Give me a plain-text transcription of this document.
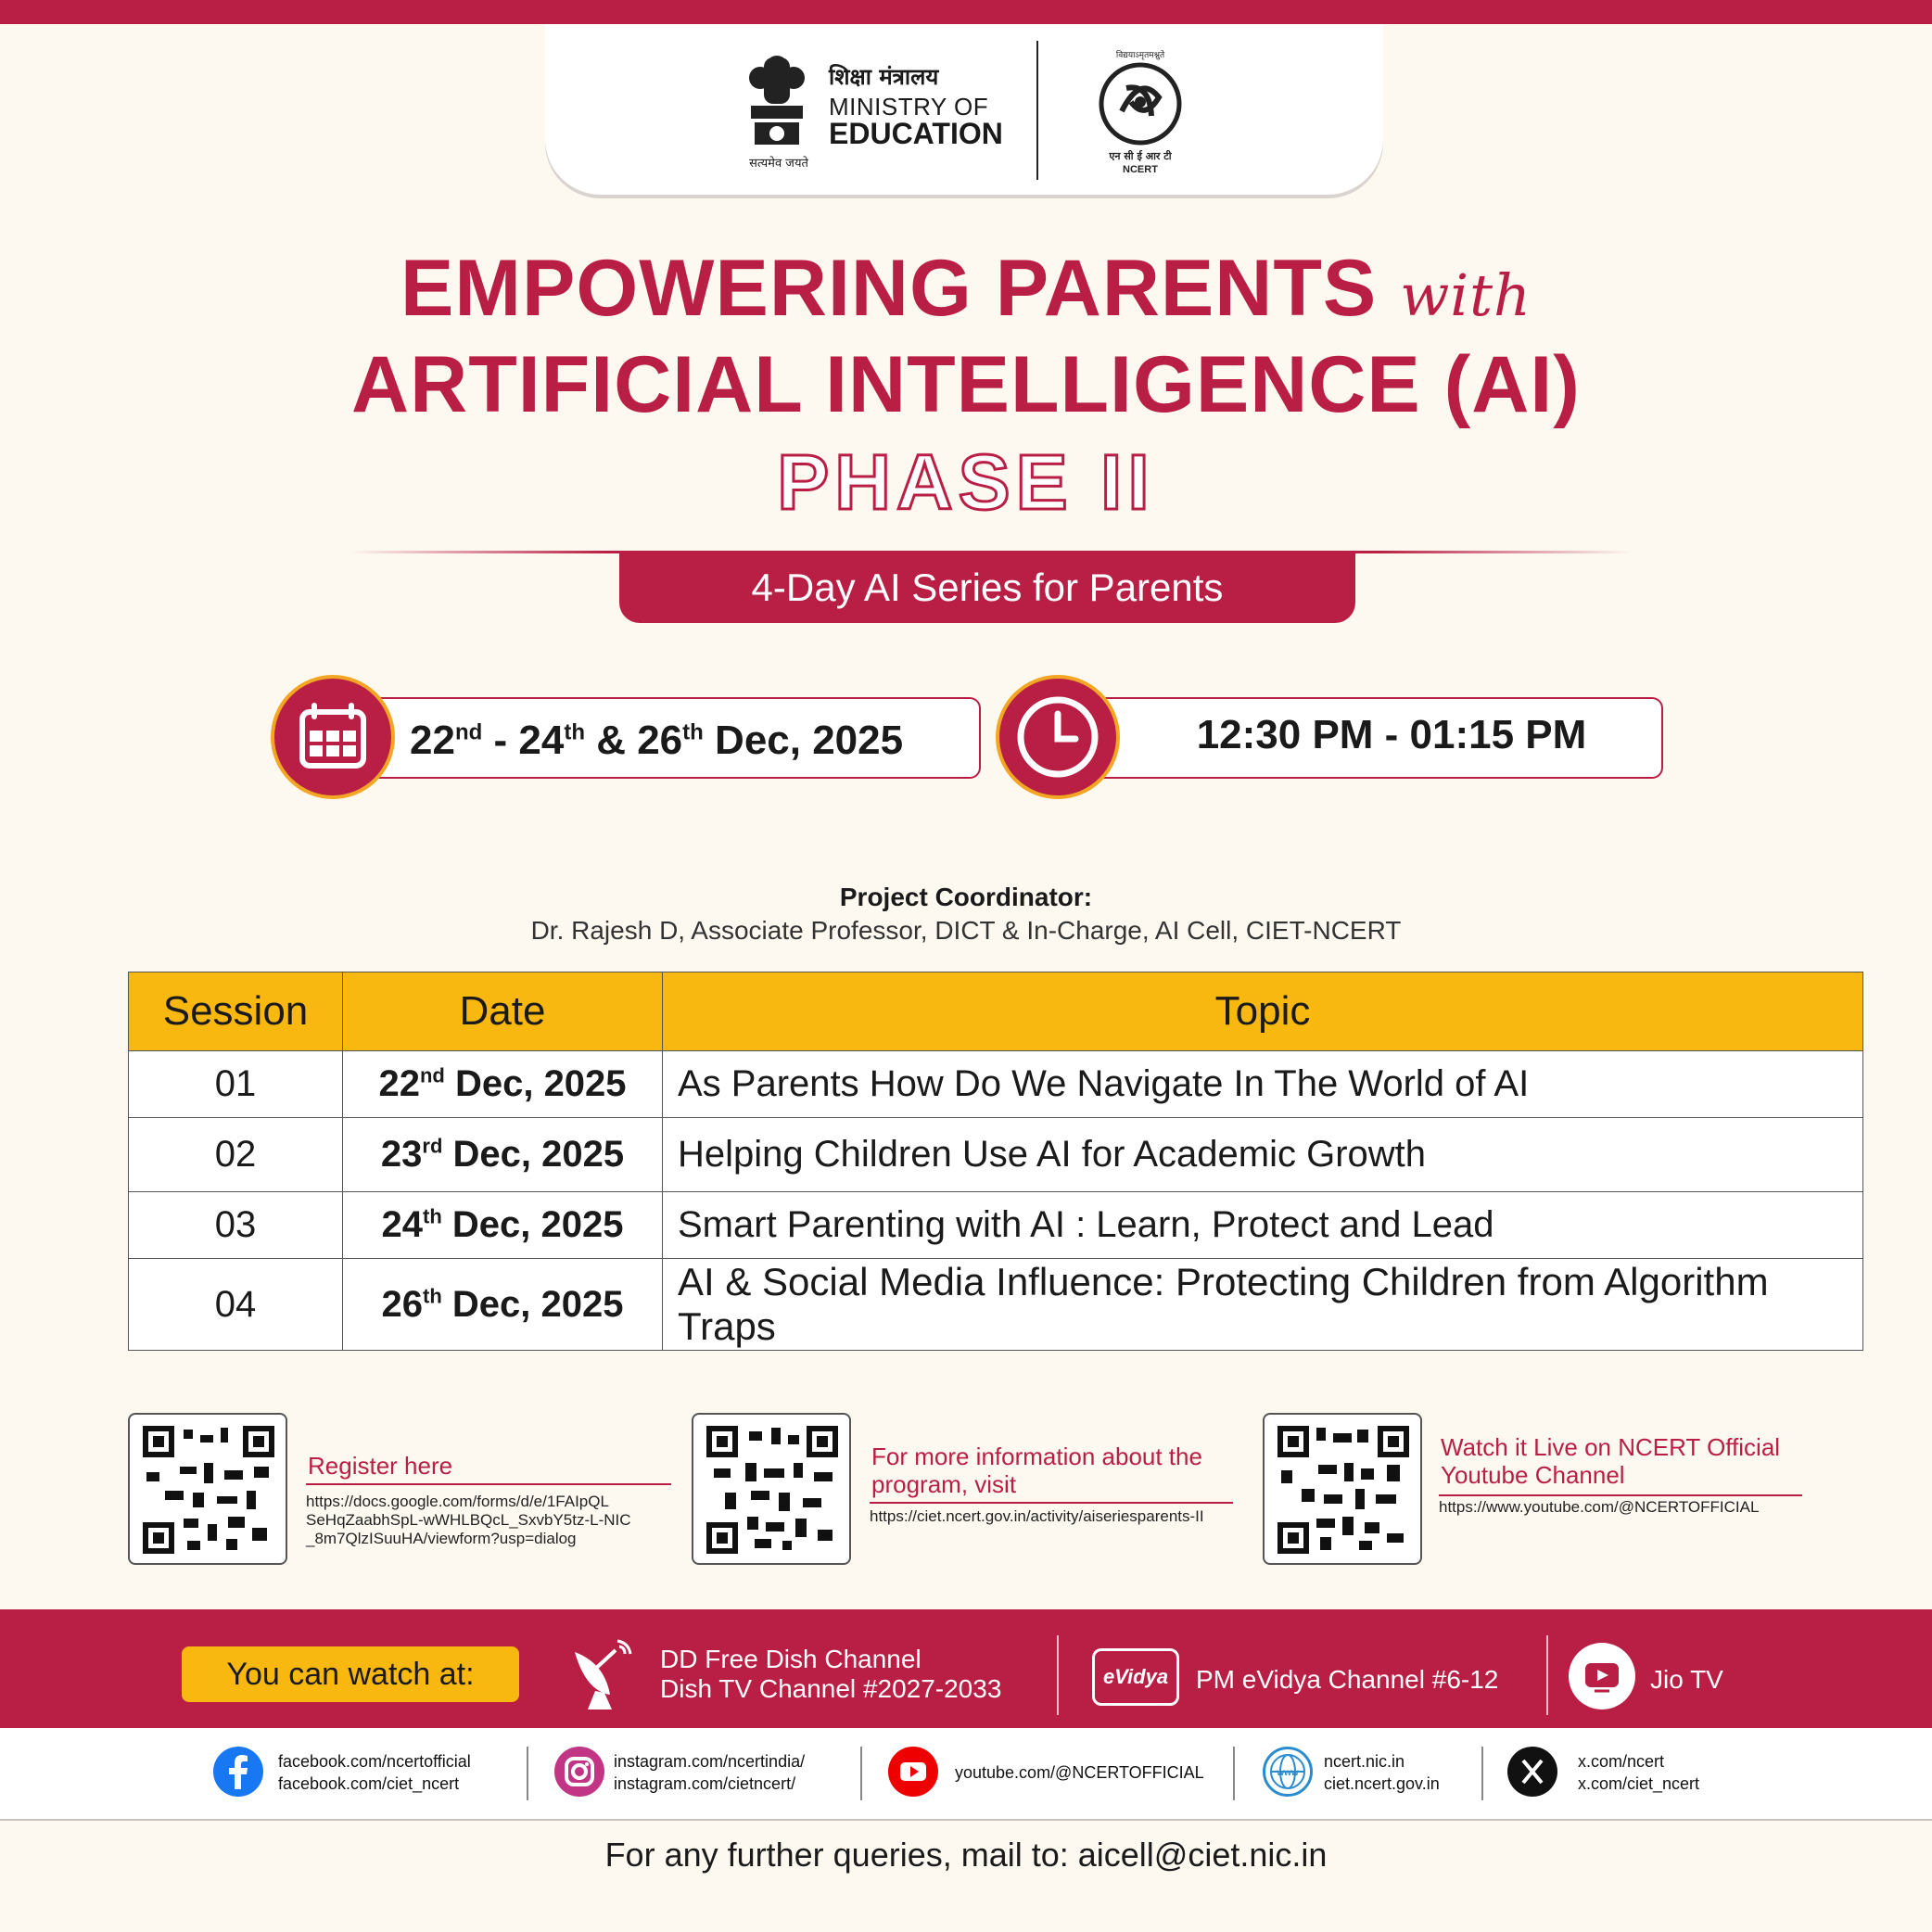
सत्यमेव जयते
शिक्षा मंत्रालय
MINISTRY OF
EDUCATION
विद्ययाऽमृतमश्नुते
एन सी ई आर टी
NCERT
EMPOWERING PARENTS with
ARTIFICIAL INTELLIGENCE (AI)
PHASE II
4-Day AI Series for Parents
22nd - 24th & 26th Dec, 2025	12:30 PM - 01:15 PM
Project Coordinator:
Dr. Rajesh D, Associate Professor, DICT & In-Charge, AI Cell, CIET-NCERT
Session	Date	Topic
01	22nd Dec, 2025	As Parents How Do We Navigate In The World of AI
02	23rd Dec, 2025	Helping Children Use AI for Academic Growth
03	24th Dec, 2025	Smart Parenting with AI : Learn, Protect and Lead
04	26th Dec, 2025	AI & Social Media Influence: Protecting Children from Algorithm Traps
Register here
https://docs.google.com/forms/d/e/1FAIpQL
SeHqZaabhSpL-wWHLBQcL_SxvbY5tz-L-NIC
_8m7QlzISuuHA/viewform?usp=dialog
For more information about the
program, visit
https://ciet.ncert.gov.in/activity/aiseriesparents-II
Watch it Live on NCERT Official
Youtube Channel
https://www.youtube.com/@NCERTOFFICIAL
You can watch at:	DD Free Dish Channel
Dish TV Channel #2027-2033	eVidya	PM eVidya Channel #6-12	Jio TV
facebook.com/ncertofficial
facebook.com/ciet_ncert
instagram.com/ncertindia/
instagram.com/cietncert/
youtube.com/@NCERTOFFICIAL	www
ncert.nic.in
ciet.ncert.gov.in
x.com/ncert
x.com/ciet_ncert
For any further queries, mail to: aicell@ciet.nic.in
